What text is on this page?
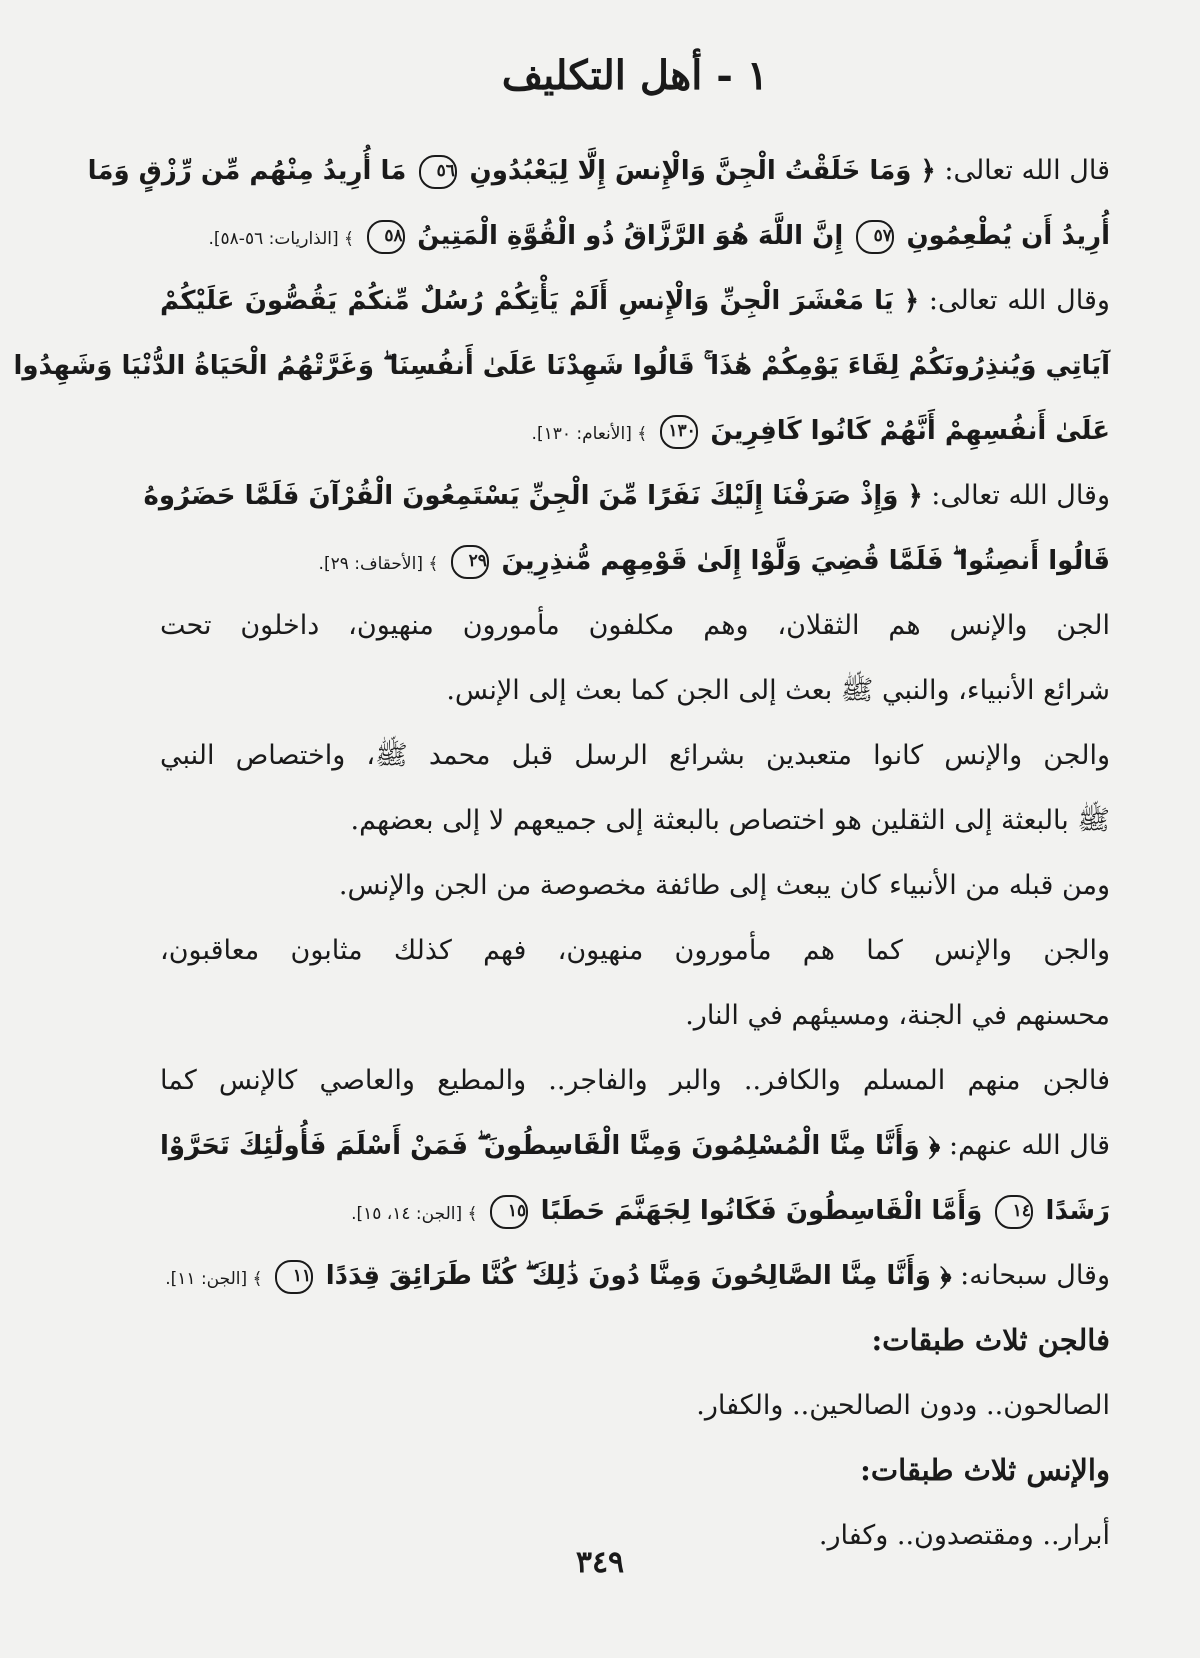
١ - أهل التكليف
قال الله تعالى: ﴿ وَمَا خَلَقْتُ الْجِنَّ وَالْإِنسَ إِلَّا لِيَعْبُدُونِ ٥٦ مَا أُرِيدُ مِنْهُم مِّن رِّزْقٍ وَمَا
أُرِيدُ أَن يُطْعِمُونِ ٥٧ إِنَّ اللَّهَ هُوَ الرَّزَّاقُ ذُو الْقُوَّةِ الْمَتِينُ ٥٨ ﴾ [الذاريات: ٥٦-٥٨].
وقال الله تعالى: ﴿ يَا مَعْشَرَ الْجِنِّ وَالْإِنسِ أَلَمْ يَأْتِكُمْ رُسُلٌ مِّنكُمْ يَقُصُّونَ عَلَيْكُمْ
آيَاتِي وَيُنذِرُونَكُمْ لِقَاءَ يَوْمِكُمْ هَٰذَا ۚ قَالُوا شَهِدْنَا عَلَىٰ أَنفُسِنَا ۖ وَغَرَّتْهُمُ الْحَيَاةُ الدُّنْيَا وَشَهِدُوا
عَلَىٰ أَنفُسِهِمْ أَنَّهُمْ كَانُوا كَافِرِينَ ١٣٠ ﴾ [الأنعام: ١٣٠].
وقال الله تعالى: ﴿ وَإِذْ صَرَفْنَا إِلَيْكَ نَفَرًا مِّنَ الْجِنِّ يَسْتَمِعُونَ الْقُرْآنَ فَلَمَّا حَضَرُوهُ
قَالُوا أَنصِتُوا ۖ فَلَمَّا قُضِيَ وَلَّوْا إِلَىٰ قَوْمِهِم مُّنذِرِينَ ٢٩ ﴾ [الأحقاف: ٢٩].
الجن والإنس هم الثقلان، وهم مكلفون مأمورون منهيون، داخلون تحت
شرائع الأنبياء، والنبي ﷺ بعث إلى الجن كما بعث إلى الإنس.
والجن والإنس كانوا متعبدين بشرائع الرسل قبل محمد ﷺ، واختصاص النبي
ﷺ بالبعثة إلى الثقلين هو اختصاص بالبعثة إلى جميعهم لا إلى بعضهم.
ومن قبله من الأنبياء كان يبعث إلى طائفة مخصوصة من الجن والإنس.
والجن والإنس كما هم مأمورون منهيون، فهم كذلك مثابون معاقبون،
محسنهم في الجنة، ومسيئهم في النار.
فالجن منهم المسلم والكافر.. والبر والفاجر.. والمطيع والعاصي كالإنس كما
قال الله عنهم: ﴿ وَأَنَّا مِنَّا الْمُسْلِمُونَ وَمِنَّا الْقَاسِطُونَ ۖ فَمَنْ أَسْلَمَ فَأُولَٰئِكَ تَحَرَّوْا
رَشَدًا ١٤ وَأَمَّا الْقَاسِطُونَ فَكَانُوا لِجَهَنَّمَ حَطَبًا ١٥ ﴾ [الجن: ١٤، ١٥].
وقال سبحانه: ﴿ وَأَنَّا مِنَّا الصَّالِحُونَ وَمِنَّا دُونَ ذَٰلِكَ ۖ كُنَّا طَرَائِقَ قِدَدًا ١١ ﴾ [الجن: ١١].
فالجن ثلاث طبقات:
الصالحون.. ودون الصالحين.. والكفار.
والإنس ثلاث طبقات:
أبرار.. ومقتصدون.. وكفار.
٣٤٩
